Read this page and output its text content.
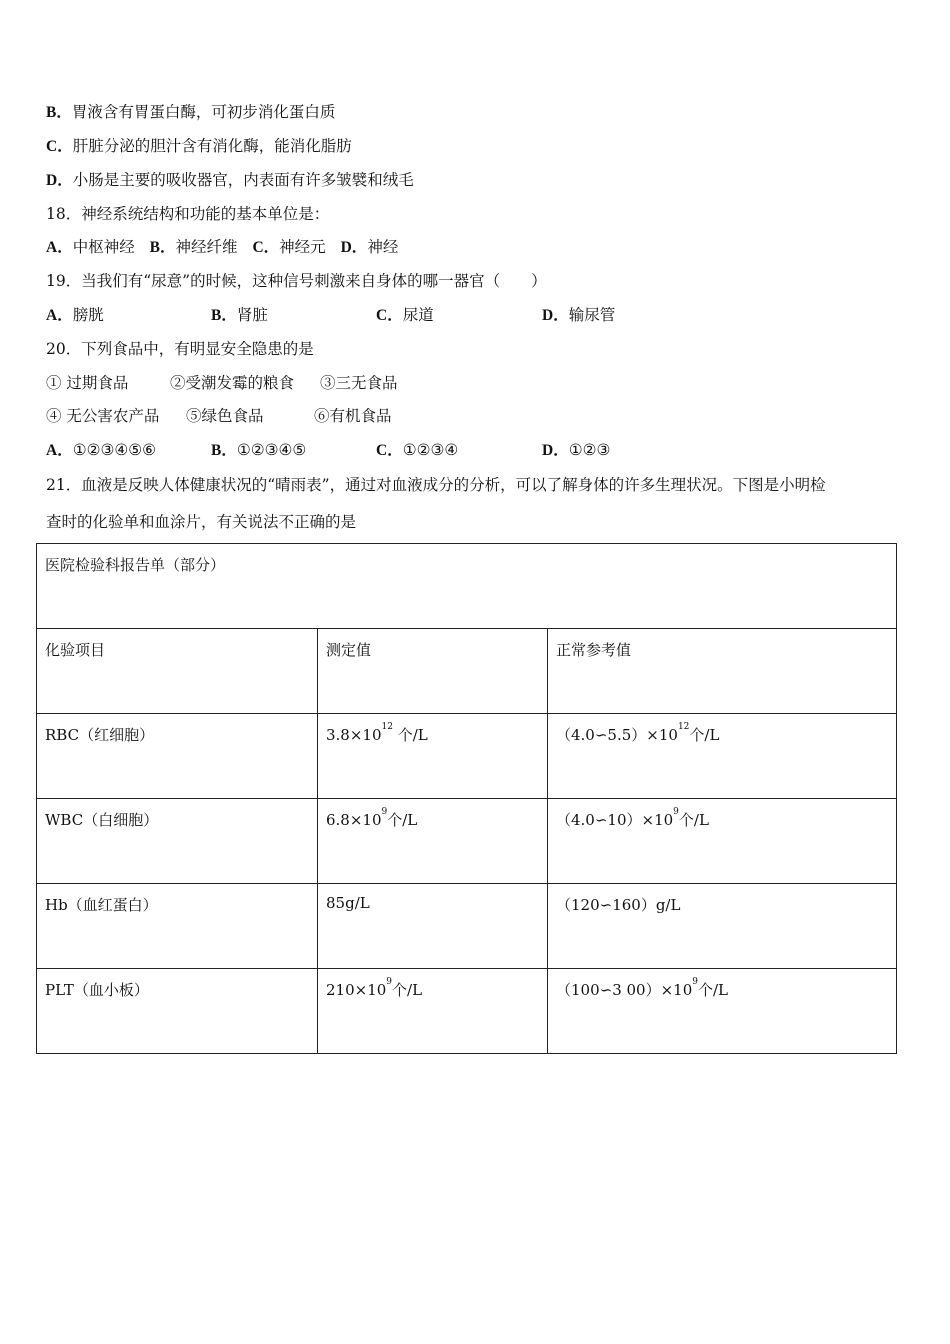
B．胃液含有胃蛋白酶，可初步消化蛋白质
C．肝脏分泌的胆汁含有消化酶，能消化脂肪
D．小肠是主要的吸收器官，内表面有许多皱襞和绒毛
18．神经系统结构和功能的基本单位是：
A．中枢神经 B．神经纤维 C．神经元 D．神经
19．当我们有“尿意”的时候，这种信号刺激来自身体的哪一器官（　　）
A．膀胱	B．肾脏	C．尿道	D．输尿管
20．下列食品中，有明显安全隐患的是
① 过期食品	②受潮发霉的粮食 ③三无食品
④ 无公害农产品 ⑤绿色食品	⑥有机食品
A．①②③④⑤⑥	B．①②③④⑤	C．①②③④	D．①②③
21．血液是反映人体健康状况的“晴雨表”，通过对血液成分的分析，可以了解身体的许多生理状况。下图是小明检
查时的化验单和血涂片，有关说法不正确的是
医院检验科报告单（部分）		
化验项目	测定值	正常参考值
RBC（红细胞）	$3.8\times 10^{12}$ 个/L	$(4.0∽5.5)\times 10^{12}$个/L
WBC（白细胞）	$6.8\times 10^9$个/L	$(4.0∽10)\times 10^9$个/L
Hb（血红蛋白）	85g/L	（120∽160）g/L
PLT（血小板）	$210\times 10^9$个/L	（100∽3 $00)\times 10^9$个/L
